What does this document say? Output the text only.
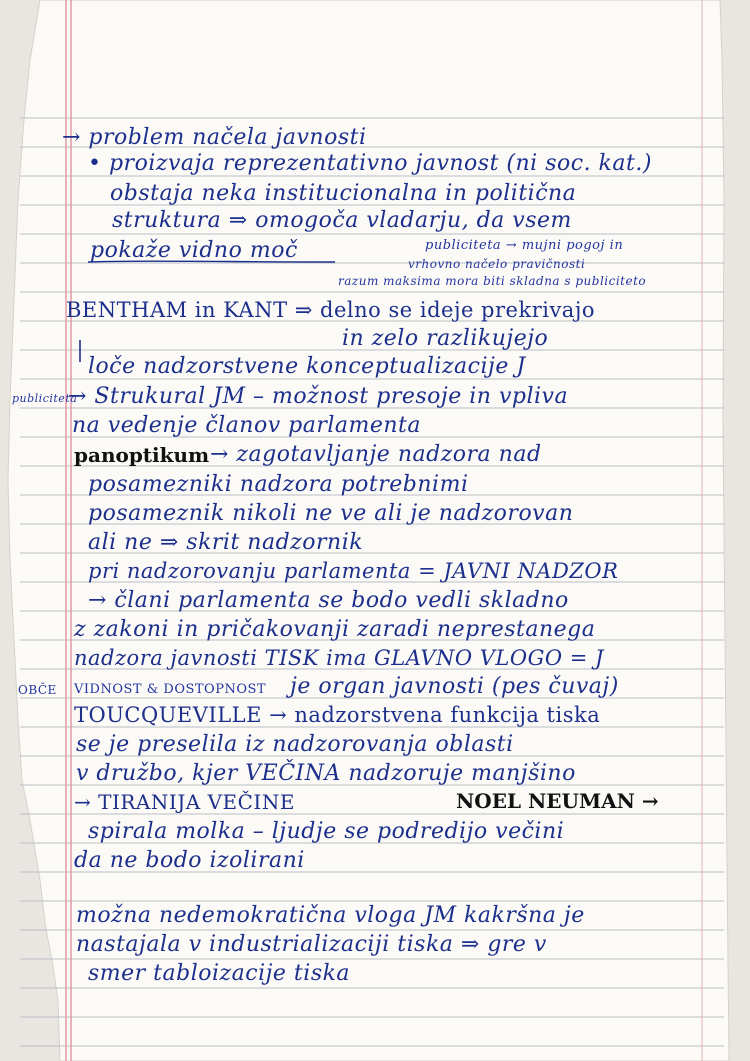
→ problem načela javnosti
• proizvaja reprezentativno javnost (ni soc. kat.)
obstaja neka institucionalna in politična
struktura ⇒ omogoča vladarju, da vsem
pokaže vidno moč	publiciteta → mujni pogoj in
vrhovno načelo pravičnosti
razum maksima mora biti skladna s publiciteto
BENTHAM in KANT ⇒ delno se ideje prekrivajo
in zelo razlikujejo
loče nadzorstvene konceptualizacije J
publiciteta
→ Strukural JM – možnost presoje in vpliva
na vedenje članov parlamenta
panoptikum → zagotavljanje nadzora nad
posamezniki nadzora potrebnimi
posameznik nikoli ne ve ali je nadzorovan
ali ne ⇒ skrit nadzornik
pri nadzorovanju parlamenta = JAVNI NADZOR
→ člani parlamenta se bodo vedli skladno
z zakoni in pričakovanji zaradi neprestanega
nadzora javnosti TISK ima GLAVNO VLOGO = J
OBČE VIDNOST & DOSTOPNOST je organ javnosti (pes čuvaj)
TOUCQUEVILLE → nadzorstvena funkcija tiska
se je preselila iz nadzorovanja oblasti
v družbo, kjer VEČINA nadzoruje manjšino
→ TIRANIJA VEČINE	NOEL NEUMAN →
spirala molka – ljudje se podredijo večini
da ne bodo izolirani
možna nedemokratična vloga JM kakršna je
nastajala v industrializaciji tiska ⇒ gre v
smer tabloizacije tiska
